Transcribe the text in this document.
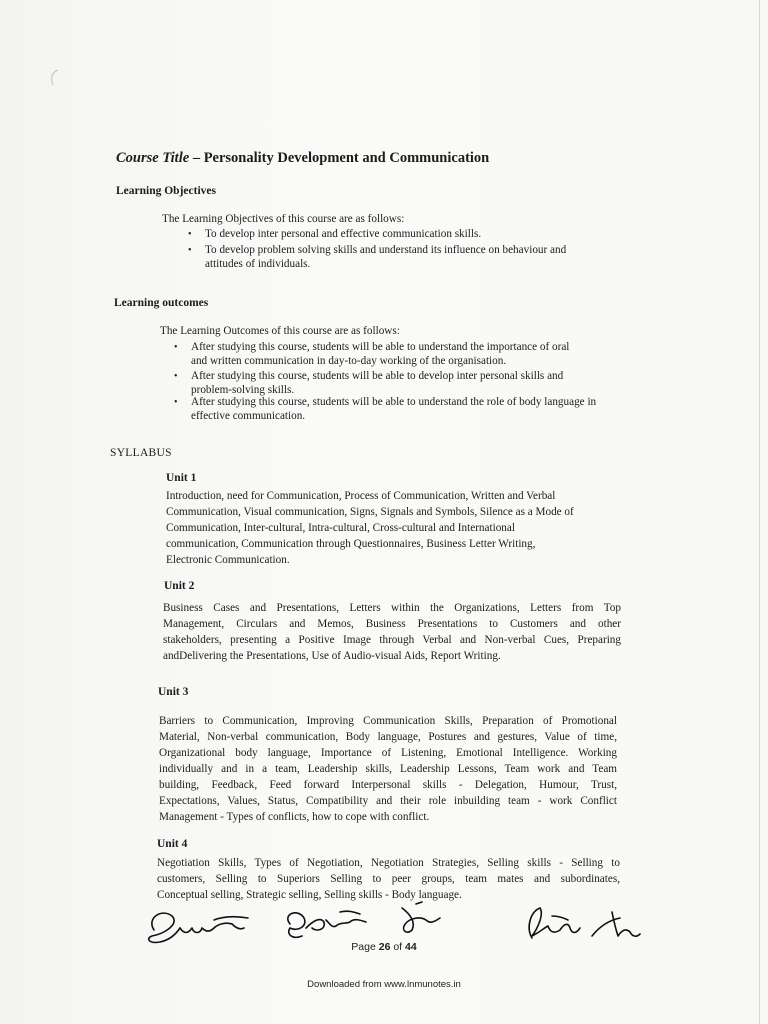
Course Title – Personality Development and Communication
Learning Objectives
The Learning Objectives of this course are as follows:
• To develop inter personal and effective communication skills.
• To develop problem solving skills and understand its influence on behaviour and
attitudes of individuals.
Learning outcomes
The Learning Outcomes of this course are as follows:
• After studying this course, students will be able to understand the importance of oral
and written communication in day-to-day working of the organisation.
• After studying this course, students will be able to develop inter personal skills and
problem-solving skills.
• After studying this course, students will be able to understand the role of body language in
effective communication.
SYLLABUS
Unit 1
Introduction, need for Communication, Process of Communication, Written and Verbal
Communication, Visual communication, Signs, Signals and Symbols, Silence as a Mode of
Communication, Inter-cultural, Intra-cultural, Cross-cultural and International
communication, Communication through Questionnaires, Business Letter Writing,
Electronic Communication.
Unit 2
Business Cases and Presentations, Letters within the Organizations, Letters from Top
Management, Circulars and Memos, Business Presentations to Customers and other
stakeholders, presenting a Positive Image through Verbal and Non-verbal Cues, Preparing
andDelivering the Presentations, Use of Audio-visual Aids, Report Writing.
Unit 3
Barriers to Communication, Improving Communication Skills, Preparation of Promotional
Material, Non-verbal communication, Body language, Postures and gestures, Value of time,
Organizational body language, Importance of Listening, Emotional Intelligence. Working
individually and in a team, Leadership skills, Leadership Lessons, Team work and Team
building, Feedback, Feed forward Interpersonal skills - Delegation, Humour, Trust,
Expectations, Values, Status, Compatibility and their role inbuilding team - work Conflict
Management - Types of conflicts, how to cope with conflict.
Unit 4
Negotiation Skills, Types of Negotiation, Negotiation Strategies, Selling skills - Selling to
customers, Selling to Superiors Selling to peer groups, team mates and subordinates,
Conceptual selling, Strategic selling, Selling skills - Body language.
Page 26 of 44
Downloaded from www.lnmunotes.in
